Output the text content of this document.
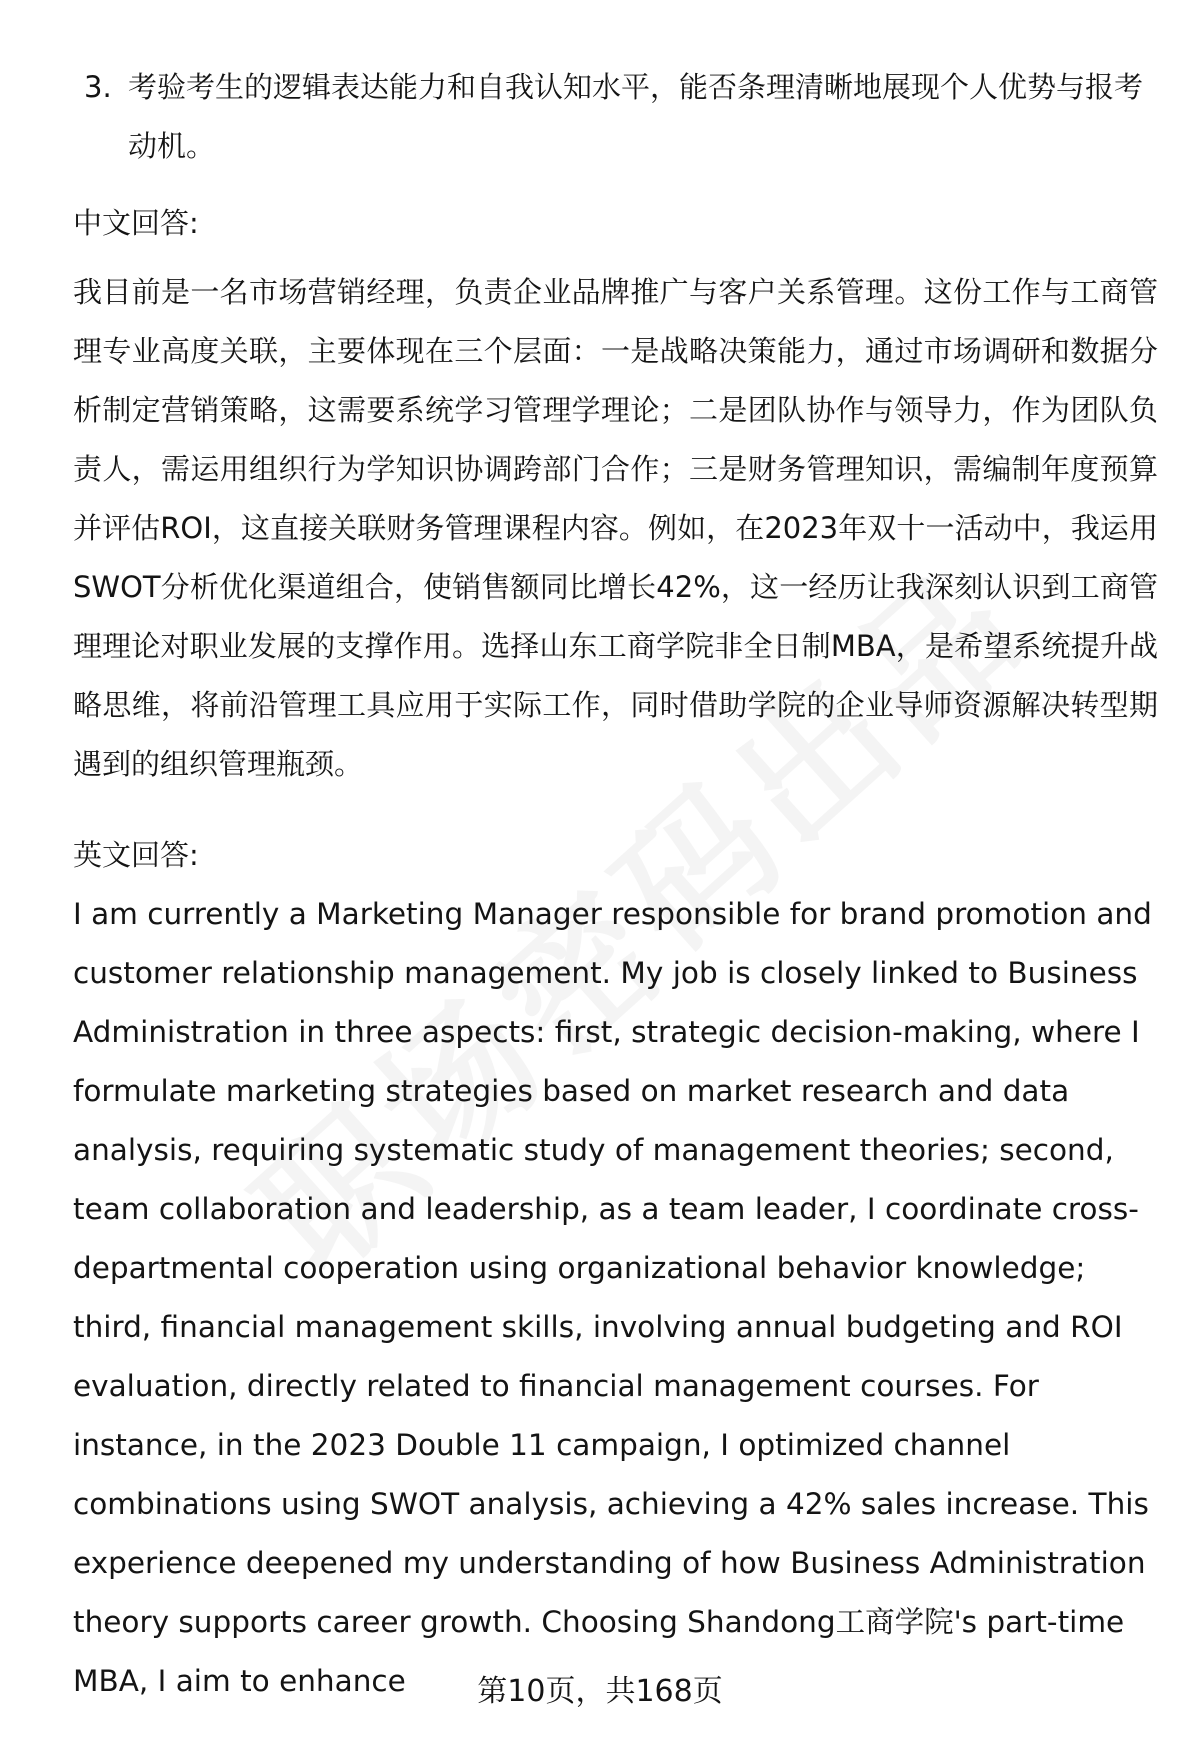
3. 考验考生的逻辑表达能力和自我认知水平，能否条理清晰地展现个人优势与报考动机。
中文回答:
我目前是一名市场营销经理，负责企业品牌推广与客户关系管理。这份工作与工商管理专业高度关联，主要体现在三个层面：一是战略决策能力，通过市场调研和数据分析制定营销策略，这需要系统学习管理学理论；二是团队协作与领导力，作为团队负责人，需运用组织行为学知识协调跨部门合作；三是财务管理知识，需编制年度预算并评估ROI，这直接关联财务管理课程内容。例如，在2023年双十一活动中，我运用SWOT分析优化渠道组合，使销售额同比增长42%，这一经历让我深刻认识到工商管理理论对职业发展的支撑作用。选择山东工商学院非全日制MBA，是希望系统提升战略思维，将前沿管理工具应用于实际工作，同时借助学院的企业导师资源解决转型期遇到的组织管理瓶颈。
英文回答:
I am currently a Marketing Manager responsible for brand promotion and customer relationship management. My job is closely linked to Business Administration in three aspects: first, strategic decision-making, where I formulate marketing strategies based on market research and data analysis, requiring systematic study of management theories; second, team collaboration and leadership, as a team leader, I coordinate cross-departmental cooperation using organizational behavior knowledge; third, financial management skills, involving annual budgeting and ROI evaluation, directly related to financial management courses. For instance, in the 2023 Double 11 campaign, I optimized channel combinations using SWOT analysis, achieving a 42% sales increase. This experience deepened my understanding of how Business Administration theory supports career growth. Choosing Shandong工商学院's part-time MBA, I aim to enhance	第10页，共168页
